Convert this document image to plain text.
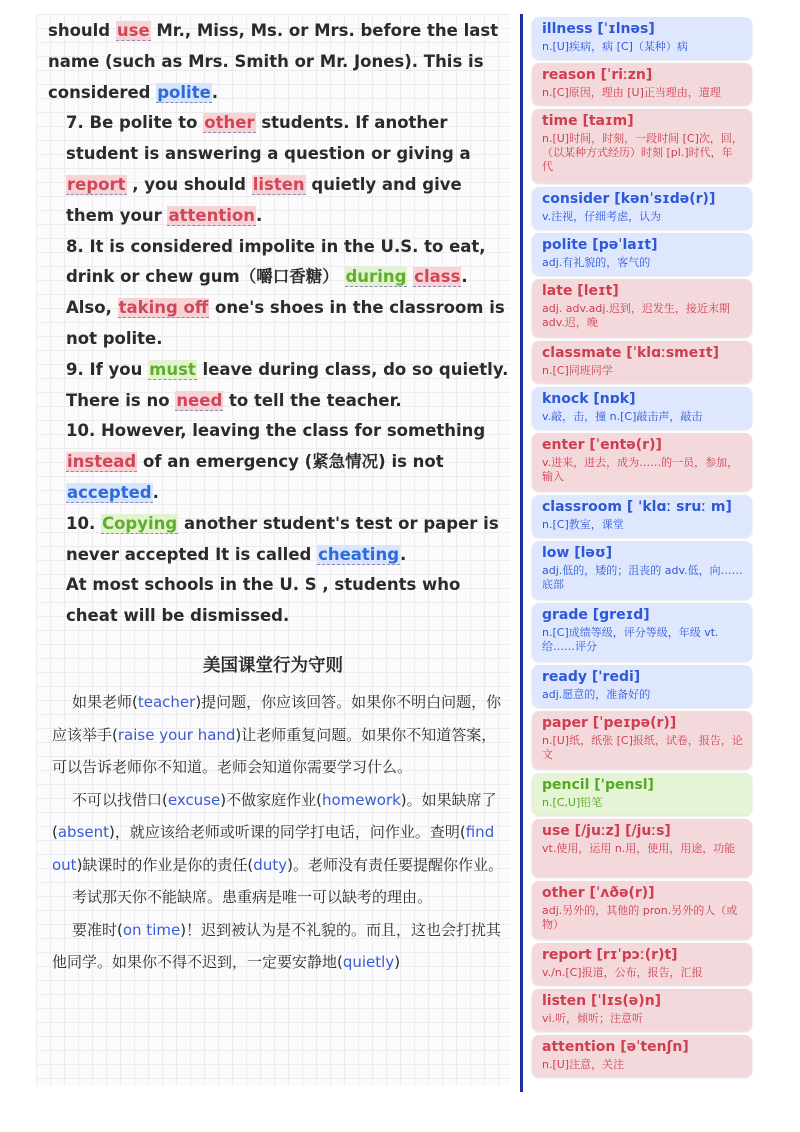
should use Mr., Miss, Ms. or Mrs. before the last name (such as Mrs. Smith or Mr. Jones). This is considered polite.

7. Be polite to other students. If another student is answering a question or giving a report , you should listen quietly and give them your attention.

8. It is considered impolite in the U.S. to eat, drink or chew gum（嚼口香糖） during class. Also, taking off one's shoes in the classroom is not polite.

9. If you must leave during class, do so quietly. There is no need to tell the teacher.

10. However, leaving the class for something instead of an emergency (紧急情况) is not accepted.

10. Copying another student's test or paper is never accepted It is called cheating.

At most schools in the U. S , students who cheat will be dismissed.

美国课堂行为守则

如果老师(teacher)提问题，你应该回答。如果你不明白问题，你应该举手(raise your hand)让老师重复问题。如果你不知道答案，可以告诉老师你不知道。老师会知道你需要学习什么。

不可以找借口(excuse)不做家庭作业(homework)。如果缺席了(absent)，就应该给老师或听课的同学打电话，问作业。查明(find out)缺课时的作业是你的责任(duty)。老师没有责任要提醒你作业。

考试那天你不能缺席。患重病是唯一可以缺考的理由。

要准时(on time)！迟到被认为是不礼貌的。而且，这也会打扰其他同学。如果你不得不迟到，一定要安静地(quietly)

illness [ˈɪlnəs]
n.[U]疾病，病 [C]（某种）病
reason [ˈriːzn]
n.[C]原因，理由 [U]正当理由，道理
time [taɪm]
n.[U]时间，时刻，一段时间 [C]次，回，（以某种方式经历）时刻 [pl.]时代，年代
consider [kənˈsɪdə(r)]
v.注视，仔细考虑，认为
polite [pəˈlaɪt]
adj.有礼貌的，客气的
late [leɪt]
adj. adv.adj.迟到，迟发生，接近末期 adv.迟，晚
classmate [ˈklɑːsmeɪt]
n.[C]同班同学
knock [nɒk]
v.敲，击，撞 n.[C]敲击声，敲击
enter [ˈentə(r)]
v.进来，进去，成为……的一员，参加，输入
classroom [ 'klɑː sruː m]
n.[C]教室，课堂
low [ləʊ]
adj.低的，矮的；沮丧的 adv.低，向……底部
grade [greɪd]
n.[C]成绩等级，评分等级，年级 vt.给……评分
ready ['redi]
adj.愿意的，准备好的
paper [ˈpeɪpə(r)]
n.[U]纸，纸张 [C]报纸，试卷，报告，论文
pencil ['pensl]
n.[C,U]铅笔
use [/juːz] [/juːs]
vt.使用，运用 n.用，使用，用途，功能
other [ˈʌðə(r)]
adj.另外的，其他的 pron.另外的人（或物）
report [rɪˈpɔː(r)t]
v./n.[C]报道，公布，报告，汇报
listen [ˈlɪs(ə)n]
vi.听，倾听；注意听
attention [əˈtenʃn]
n.[U]注意，关注
